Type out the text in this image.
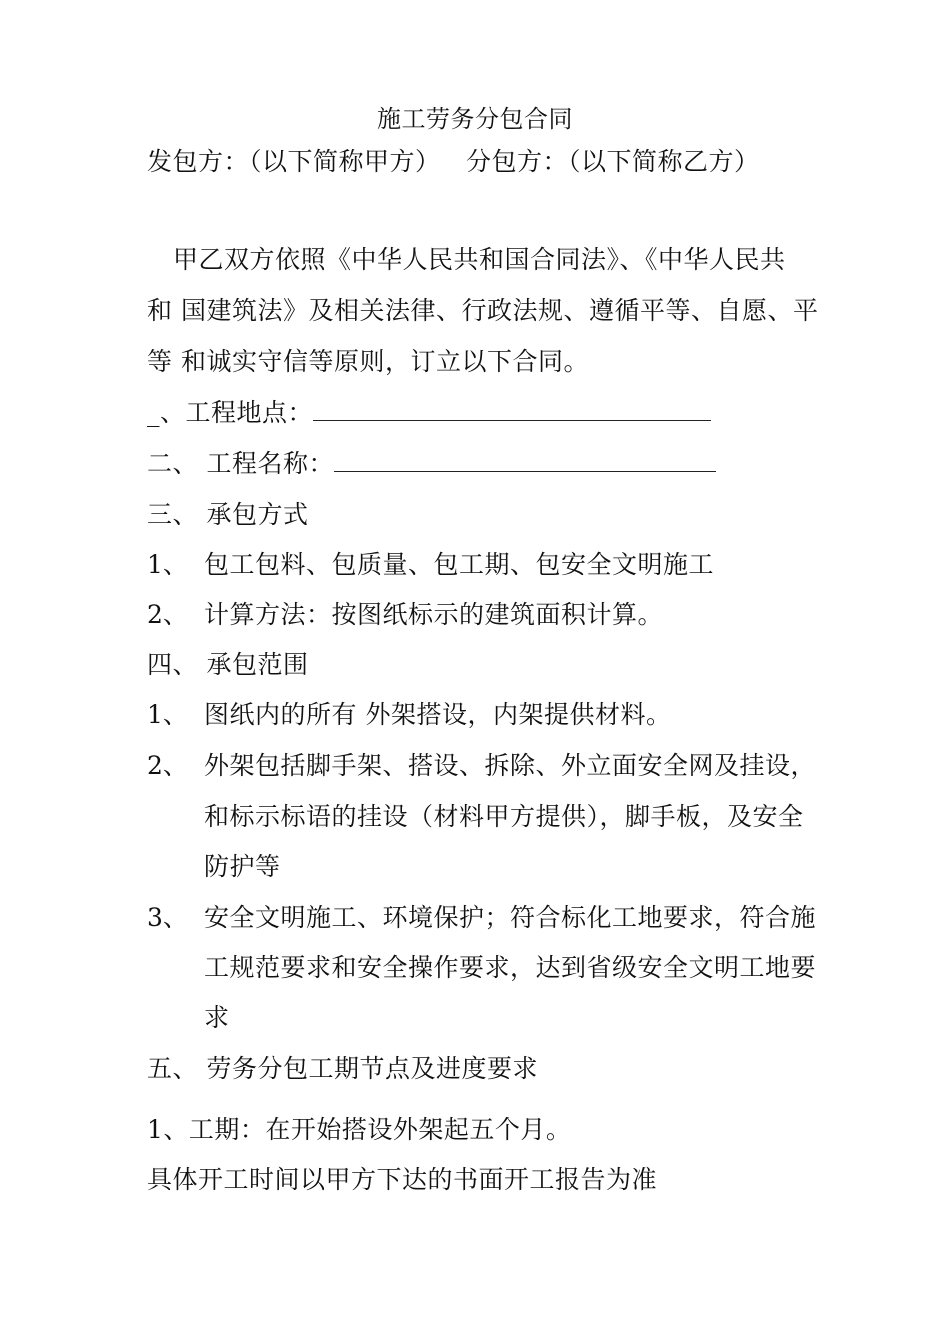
施工劳务分包合同
发包方：（以下简称甲方） 分包方：（以下简称乙方）
甲乙双方依照《中华人民共和国合同法》、《中华人民共
和 国建筑法》及相关法律、行政法规、遵循平等、自愿、平
等 和诚实守信等原则，订立以下合同。
_、工程地点：
二、 工程名称：
三、 承包方式
1、 包工包料、包质量、包工期、包安全文明施工
2、 计算方法：按图纸标示的建筑面积计算。
四、 承包范围
1、 图纸内的所有 外架搭设，内架提供材料。
2、 外架包括脚手架、搭设、拆除、外立面安全网及挂设，
和标示标语的挂设（材料甲方提供），脚手板，及安全
防护等
3、 安全文明施工、环境保护；符合标化工地要求，符合施
工规范要求和安全操作要求，达到省级安全文明工地要
求
五、 劳务分包工期节点及进度要求
1、工期：在开始搭设外架起五个月。
具体开工时间以甲方下达的书面开工报告为准
